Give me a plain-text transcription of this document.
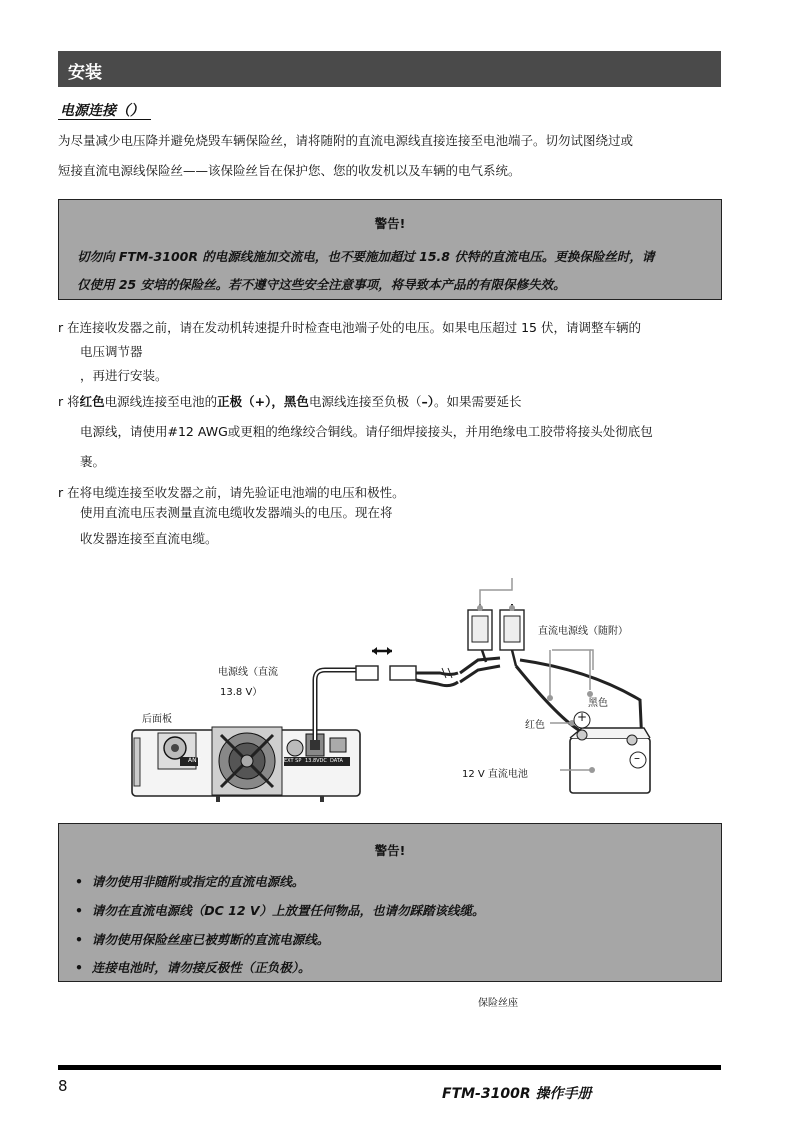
安装
电源连接（）
为尽量减少电压降并避免烧毁车辆保险丝，请将随附的直流电源线直接连接至电池端子。切勿试图绕过或
短接直流电源线保险丝——该保险丝旨在保护您、您的收发机以及车辆的电气系统。
警告!
切勿向 FTM-3100R 的电源线施加交流电，也不要施加超过 15.8 伏特的直流电压。更换保险丝时，请
仅使用 25 安培的保险丝。若不遵守这些安全注意事项，将导致本产品的有限保修失效。
r 在连接收发器之前，请在发动机转速提升时检查电池端子处的电压。如果电压超过 15 伏，请调整车辆的
电压调节器
，再进行安装。
r 将红色电源线连接至电池的正极（+），黑色电源线连接至负极（–）。如果需要延长
电源线，请使用#12 AWG或更粗的绝缘绞合铜线。请仔细焊接接头，并用绝缘电工胶带将接头处彻底包
裹。
r 在将电缆连接至收发器之前，请先验证电池端的电压和极性。
使用直流电压表测量直流电缆收发器端头的电压。现在将
收发器连接至直流电缆。
电源线（直流
13.8 V）
后面板
直流电源线（随附）
黑色
红色
12 V 直流电池
+
–
ANT	EXT SP 13.8VDC DATA
警告!
• 请勿使用非随附或指定的直流电源线。
• 请勿在直流电源线（DC 12 V）上放置任何物品，也请勿踩踏该线缆。
• 请勿使用保险丝座已被剪断的直流电源线。
• 连接电池时，请勿接反极性（正负极）。
保险丝座
8	FTM-3100R 操作手册
